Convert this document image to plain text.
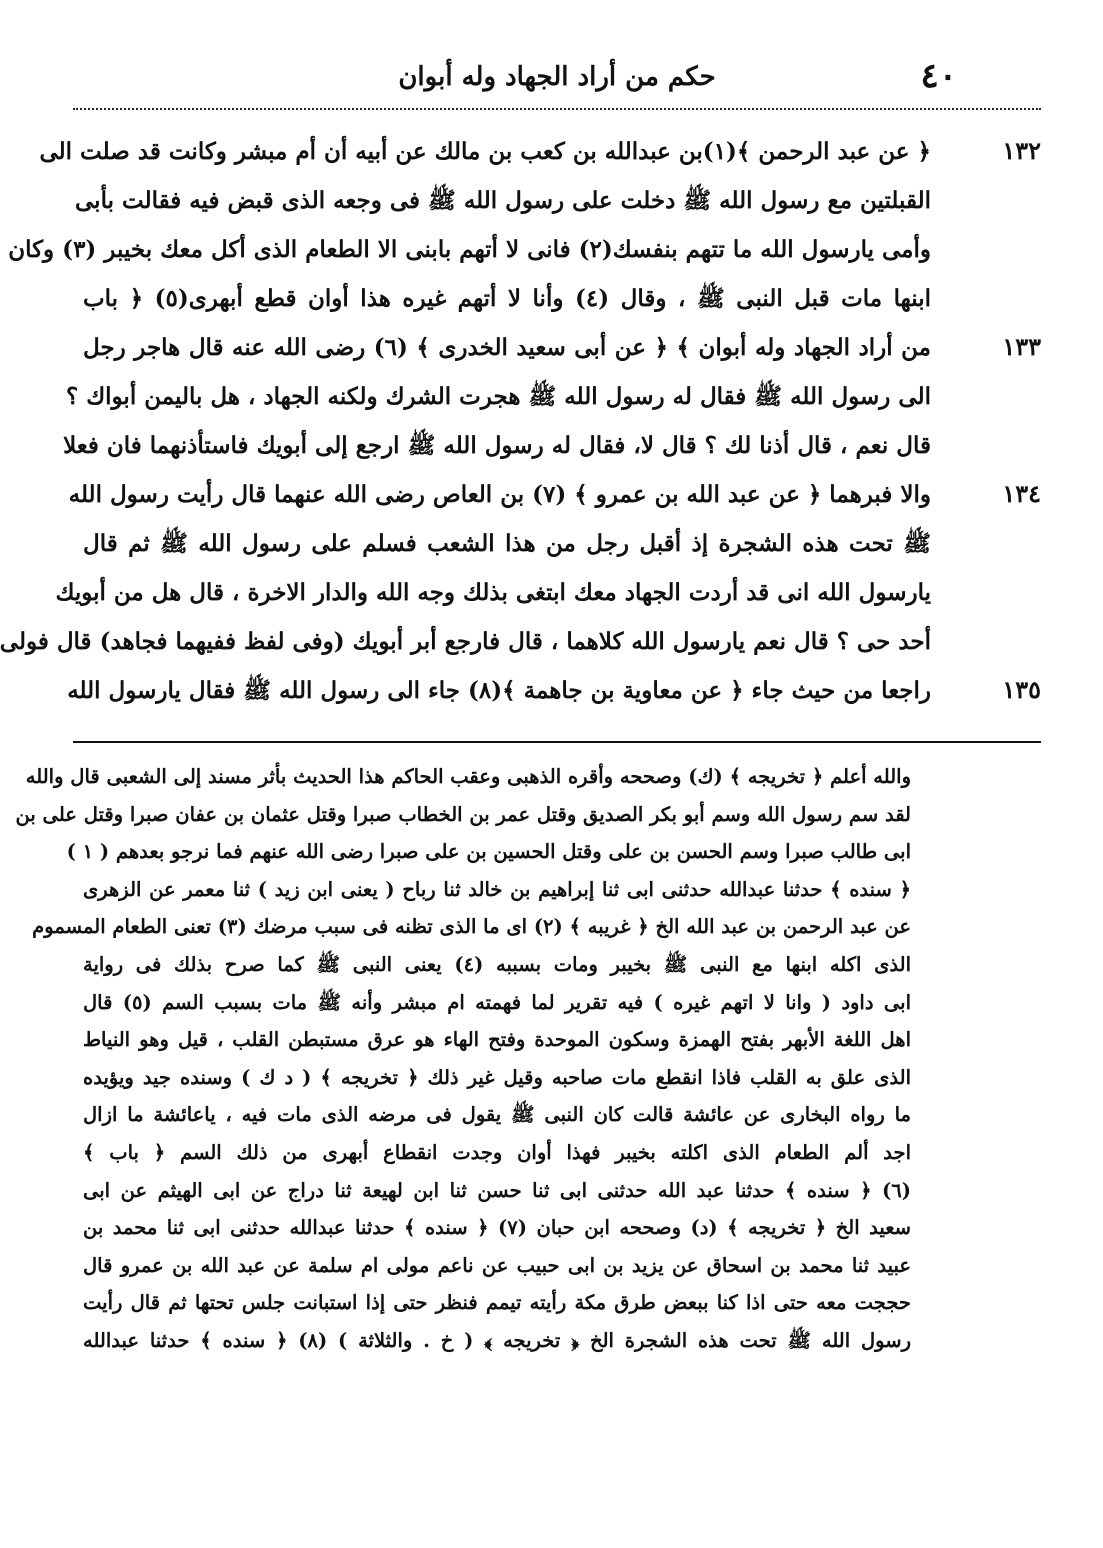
٤٠
حكم من أراد الجهاد وله أبوان
١٣٢
﴿ عن عبد الرحمن ﴾(١)بن عبدالله بن كعب بن مالك عن أبيه أن أم مبشر وكانت قد صلت الى
القبلتين مع رسول الله ﷺ دخلت على رسول الله ﷺ فى وجعه الذى قبض فيه فقالت بأبى
وأمى يارسول الله ما تتهم بنفسك(٢) فانى لا أتهم بابنى الا الطعام الذى أكل معك بخيبر (٣) وكان
ابنها مات قبل النبى ﷺ ، وقال (٤) وأنا لا أتهم غيره هذا أوان قطع أبهرى(٥) ﴿ باب
١٣٣
من أراد الجهاد وله أبوان ﴾ ﴿ عن أبى سعيد الخدرى ﴾ (٦) رضى الله عنه قال هاجر رجل
الى رسول الله ﷺ فقال له رسول الله ﷺ هجرت الشرك ولكنه الجهاد ، هل باليمن أبواك ؟
قال نعم ، قال أذنا لك ؟ قال لا، فقال له رسول الله ﷺ ارجع إلى أبويك فاستأذنهما فان فعلا
١٣٤
والا فبرهما ﴿ عن عبد الله بن عمرو ﴾ (٧) بن العاص رضى الله عنهما قال رأيت رسول الله
ﷺ تحت هذه الشجرة إذ أقبل رجل من هذا الشعب فسلم على رسول الله ﷺ ثم قال
يارسول الله انى قد أردت الجهاد معك ابتغى بذلك وجه الله والدار الاخرة ، قال هل من أبويك
أحد حى ؟ قال نعم يارسول الله كلاهما ، قال فارجع أبر أبويك (وفى لفظ ففيهما فجاهد) قال فولى
١٣٥
راجعا من حيث جاء ﴿ عن معاوية بن جاهمة ﴾(٨) جاء الى رسول الله ﷺ فقال يارسول الله
والله أعلم ﴿ تخريجه ﴾ (ك) وصححه وأقره الذهبى وعقب الحاكم هذا الحديث بأثر مسند إلى الشعبى قال والله
لقد سم رسول الله وسم أبو بكر الصديق وقتل عمر بن الخطاب صبرا وقتل عثمان بن عفان صبرا وقتل على بن
ابى طالب صبرا وسم الحسن بن على وقتل الحسين بن على صبرا رضى الله عنهم فما نرجو بعدهم ( ١ )
﴿ سنده ﴾ حدثنا عبدالله حدثنى ابى ثنا إبراهيم بن خالد ثنا رباح ( يعنى ابن زيد ) ثنا معمر عن الزهرى
عن عبد الرحمن بن عبد الله الخ ﴿ غريبه ﴾ (٢) اى ما الذى تظنه فى سبب مرضك (٣) تعنى الطعام المسموم
الذى اكله ابنها مع النبى ﷺ بخيبر ومات بسببه (٤) يعنى النبى ﷺ كما صرح بذلك فى رواية
ابى داود ( وانا لا اتهم غيره ) فيه تقرير لما فهمته ام مبشر وأنه ﷺ مات بسبب السم (٥) قال
اهل اللغة الأبهر بفتح الهمزة وسكون الموحدة وفتح الهاء هو عرق مستبطن القلب ، قيل وهو النياط
الذى علق به القلب فاذا انقطع مات صاحبه وقيل غير ذلك ﴿ تخريجه ﴾ ( د ك ) وسنده جيد ويؤيده
ما رواه البخارى عن عائشة قالت كان النبى ﷺ يقول فى مرضه الذى مات فيه ، ياعائشة ما ازال
اجد ألم الطعام الذى اكلته بخيبر فهذا أوان وجدت انقطاع أبهرى من ذلك السم ﴿ باب ﴾
(٦) ﴿ سنده ﴾ حدثنا عبد الله حدثنى ابى ثنا حسن ثنا ابن لهيعة ثنا دراج عن ابى الهيثم عن ابى
سعيد الخ ﴿ تخريجه ﴾ (د) وصححه ابن حبان (٧) ﴿ سنده ﴾ حدثنا عبدالله حدثنى ابى ثنا محمد بن
عبيد ثنا محمد بن اسحاق عن يزيد بن ابى حبيب عن ناعم مولى ام سلمة عن عبد الله بن عمرو قال
حججت معه حتى اذا كنا ببعض طرق مكة رأيته تيمم فنظر حتى إذا استبانت جلس تحتها ثم قال رأيت
رسول الله ﷺ تحت هذه الشجرة الخ ﴿ تخريجه ﴾ ( خ . والثلاثة ) (٨) ﴿ سنده ﴾ حدثنا عبدالله
